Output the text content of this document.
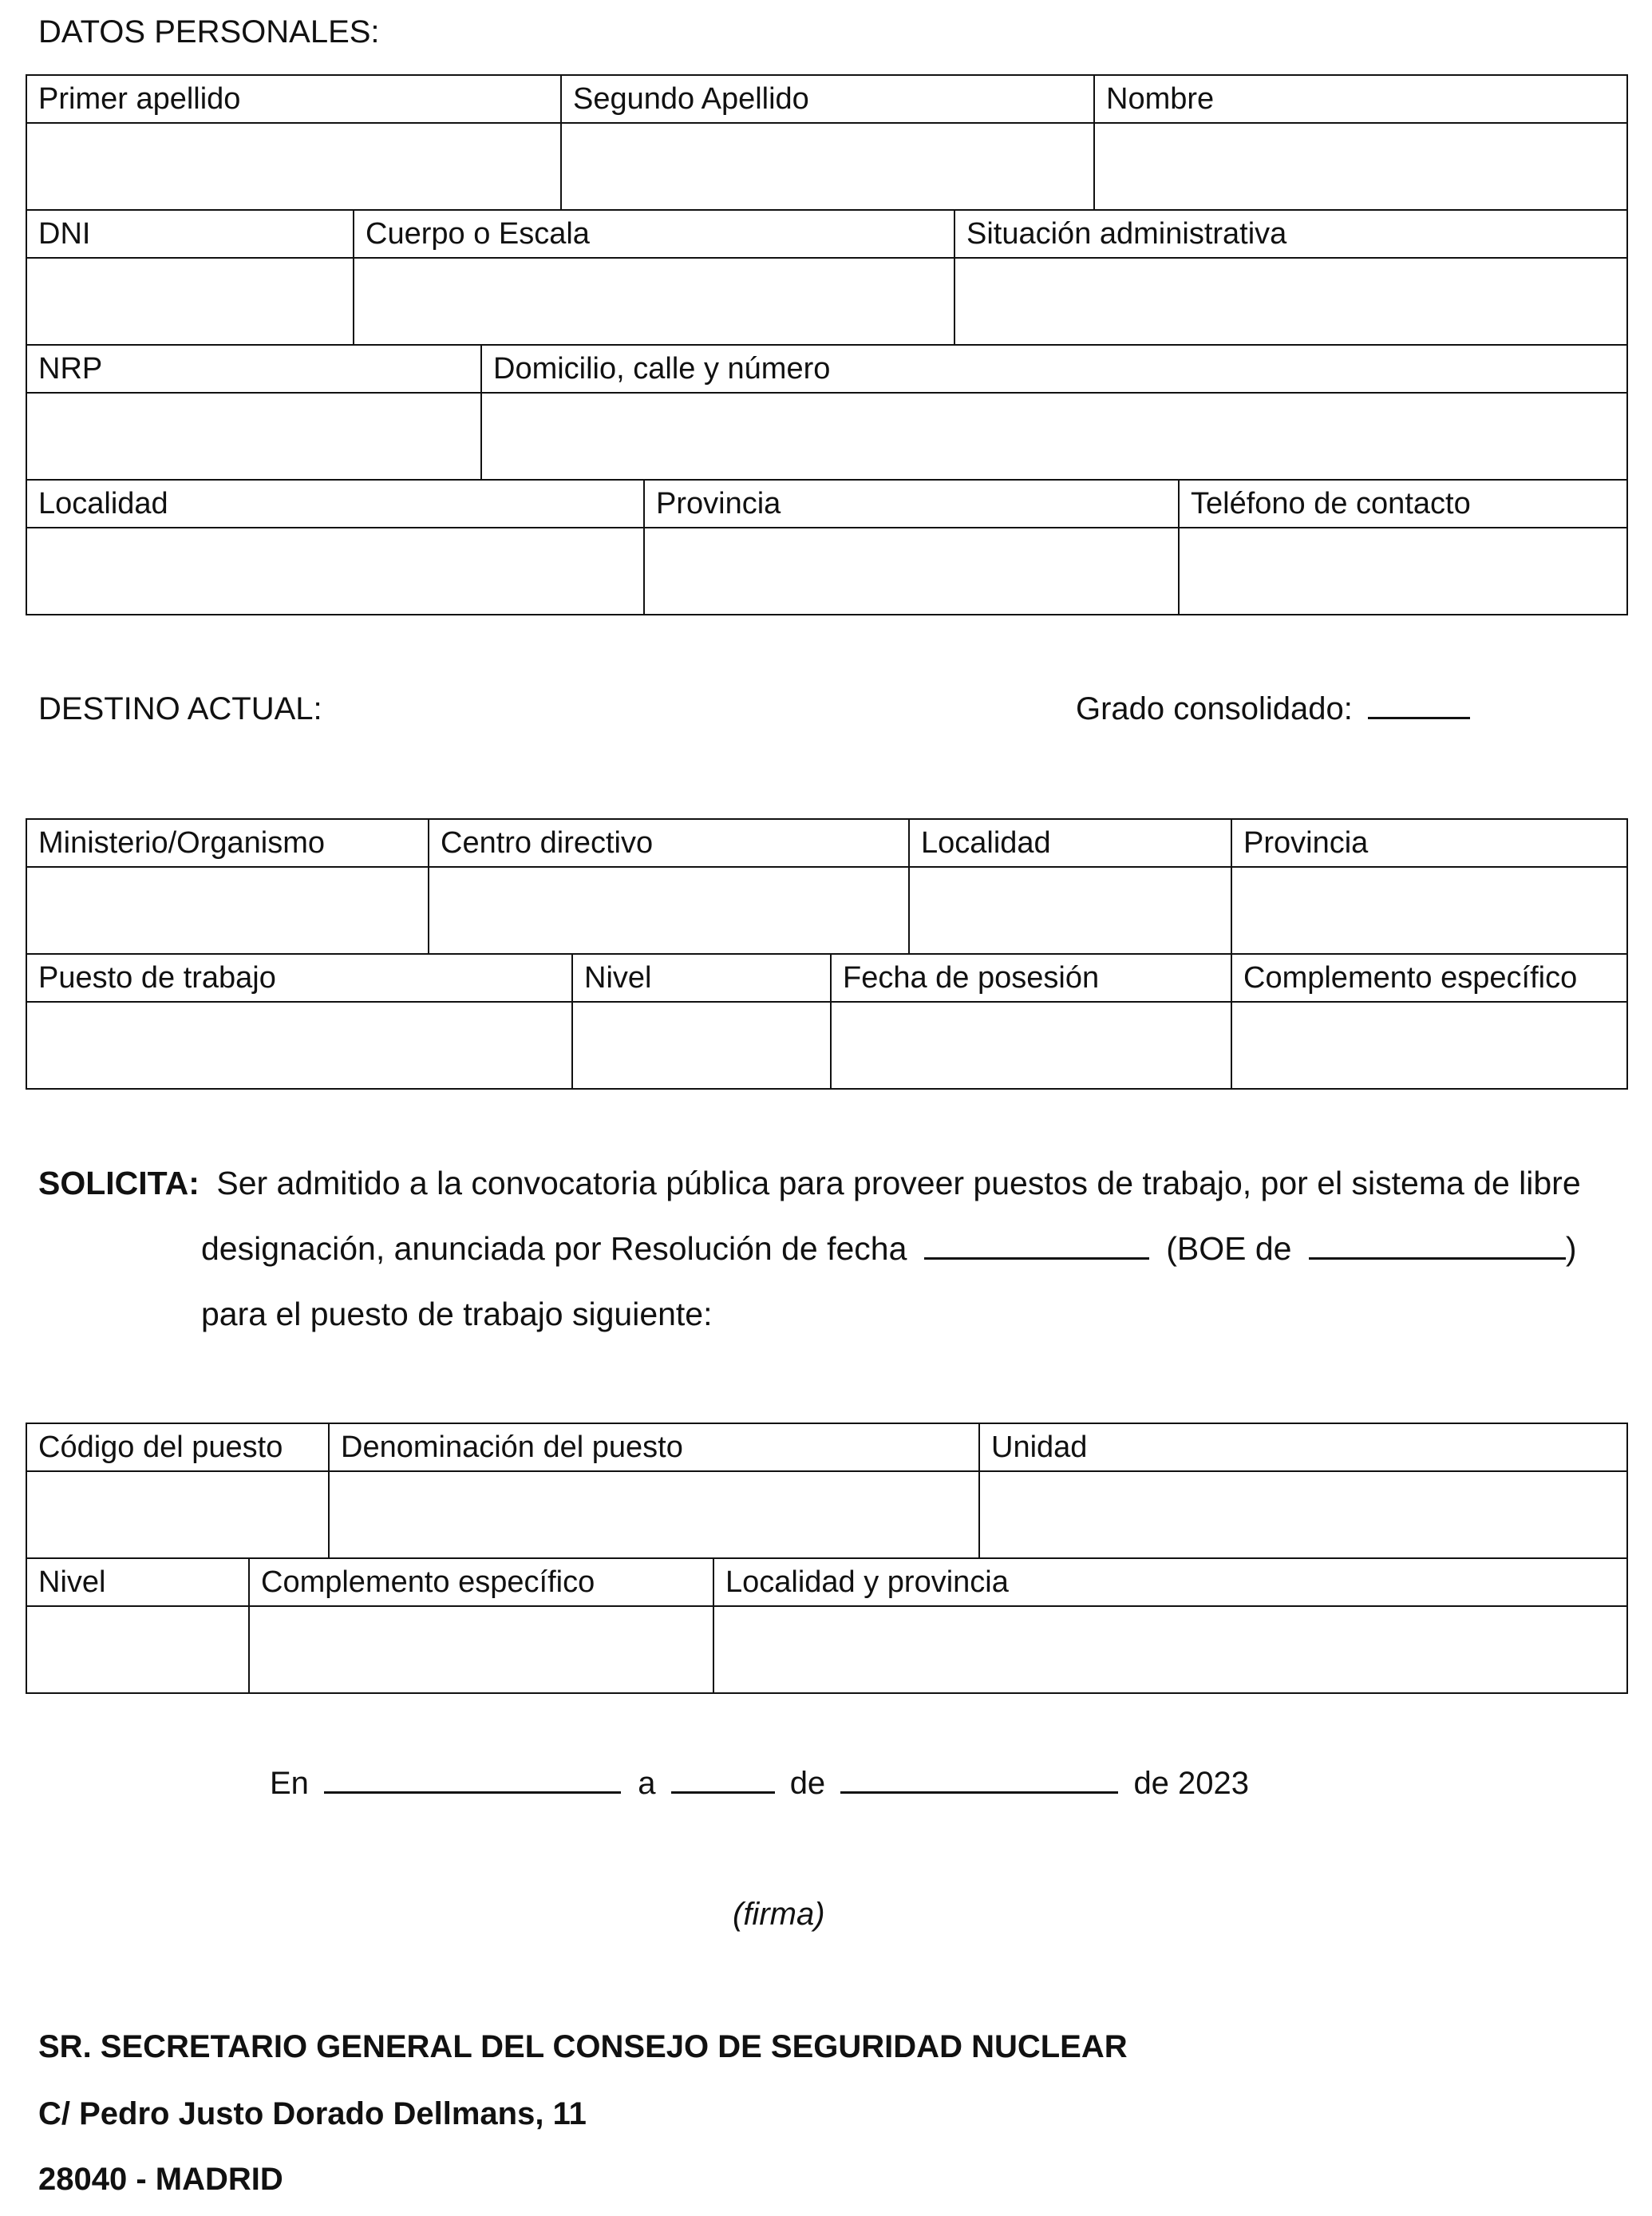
DATOS PERSONALES:
Primer apellido	Segundo Apellido	Nombre
DNI	Cuerpo o Escala	Situación administrativa
NRP	Domicilio, calle y número
Localidad	Provincia	Teléfono de contacto
DESTINO ACTUAL:	Grado consolidado:
Ministerio/Organismo	Centro directivo	Localidad	Provincia
Puesto de trabajo	Nivel	Fecha de posesión	Complemento específico
SOLICITA: Ser admitido a la convocatoria pública para proveer puestos de trabajo, por el sistema de libre
designación, anunciada por Resolución de fecha	(BOE de	)
para el puesto de trabajo siguiente:
Código del puesto	Denominación del puesto	Unidad
Nivel	Complemento específico	Localidad y provincia
En	a	de	de 2023
(firma)
SR. SECRETARIO GENERAL DEL CONSEJO DE SEGURIDAD NUCLEAR
C/ Pedro Justo Dorado Dellmans, 11
28040 - MADRID
